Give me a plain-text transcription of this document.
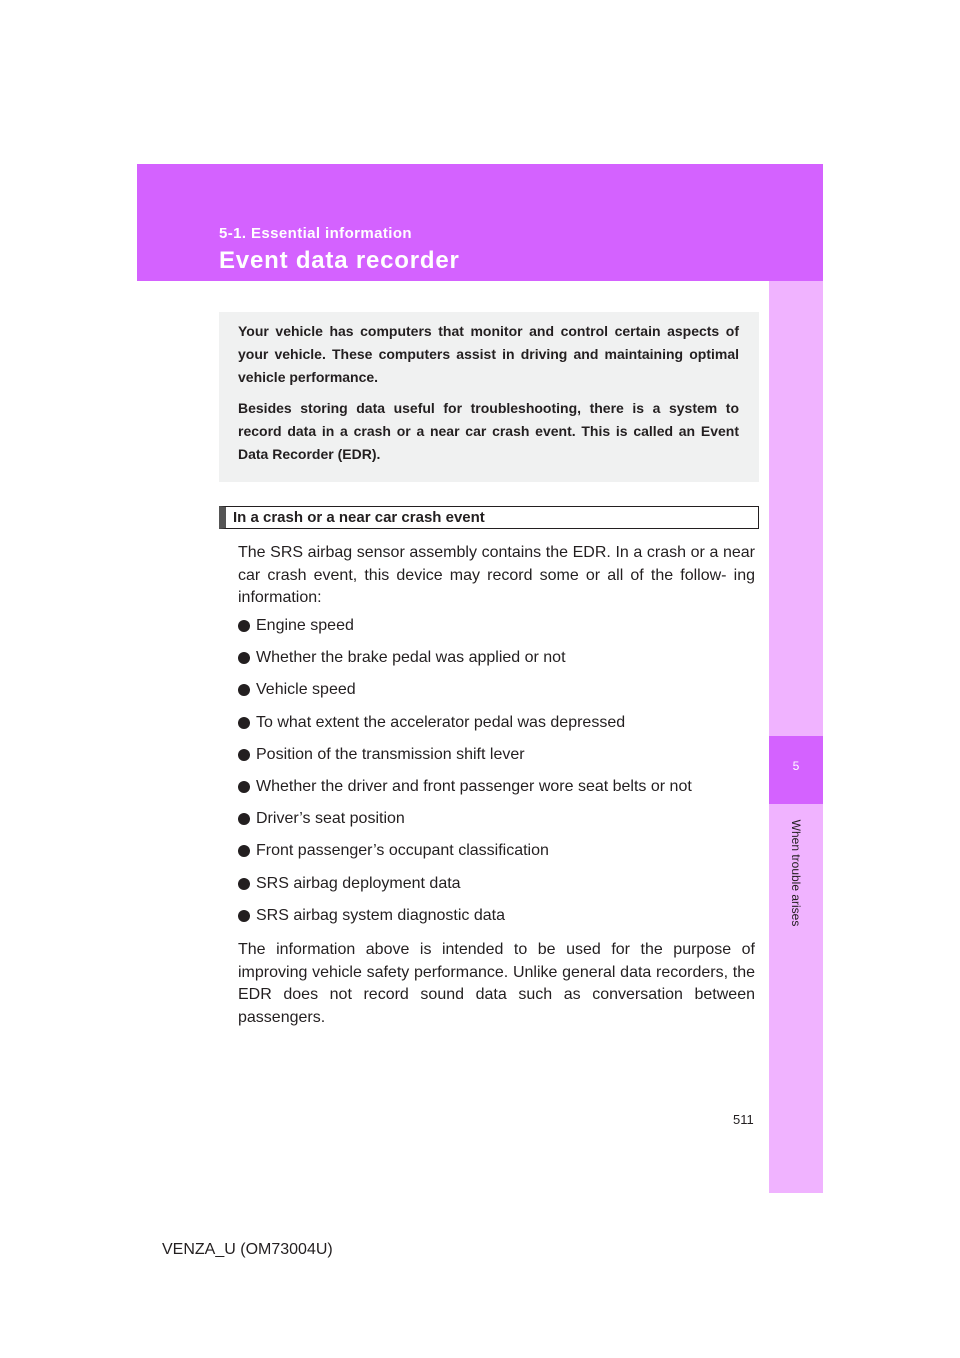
5-1. Essential information
Event data recorder
5
When trouble arises

Your vehicle has computers that monitor and control certain aspects of your vehicle. These computers assist in driving and maintaining optimal vehicle performance.

Besides storing data useful for troubleshooting, there is a system to record data in a crash or a near car crash event. This is called an Event Data Recorder (EDR).

In a crash or a near car crash event

The SRS airbag sensor assembly contains the EDR. In a crash or a near car crash event, this device may record some or all of the follow- ing information:

Engine speed
Whether the brake pedal was applied or not
Vehicle speed
To what extent the accelerator pedal was depressed
Position of the transmission shift lever
Whether the driver and front passenger wore seat belts or not
Driver’s seat position
Front passenger’s occupant classification
SRS airbag deployment data
SRS airbag system diagnostic data

The information above is intended to be used for the purpose of improving vehicle safety performance. Unlike general data recorders, the EDR does not record sound data such as conversation between passengers.

511
VENZA_U (OM73004U)
